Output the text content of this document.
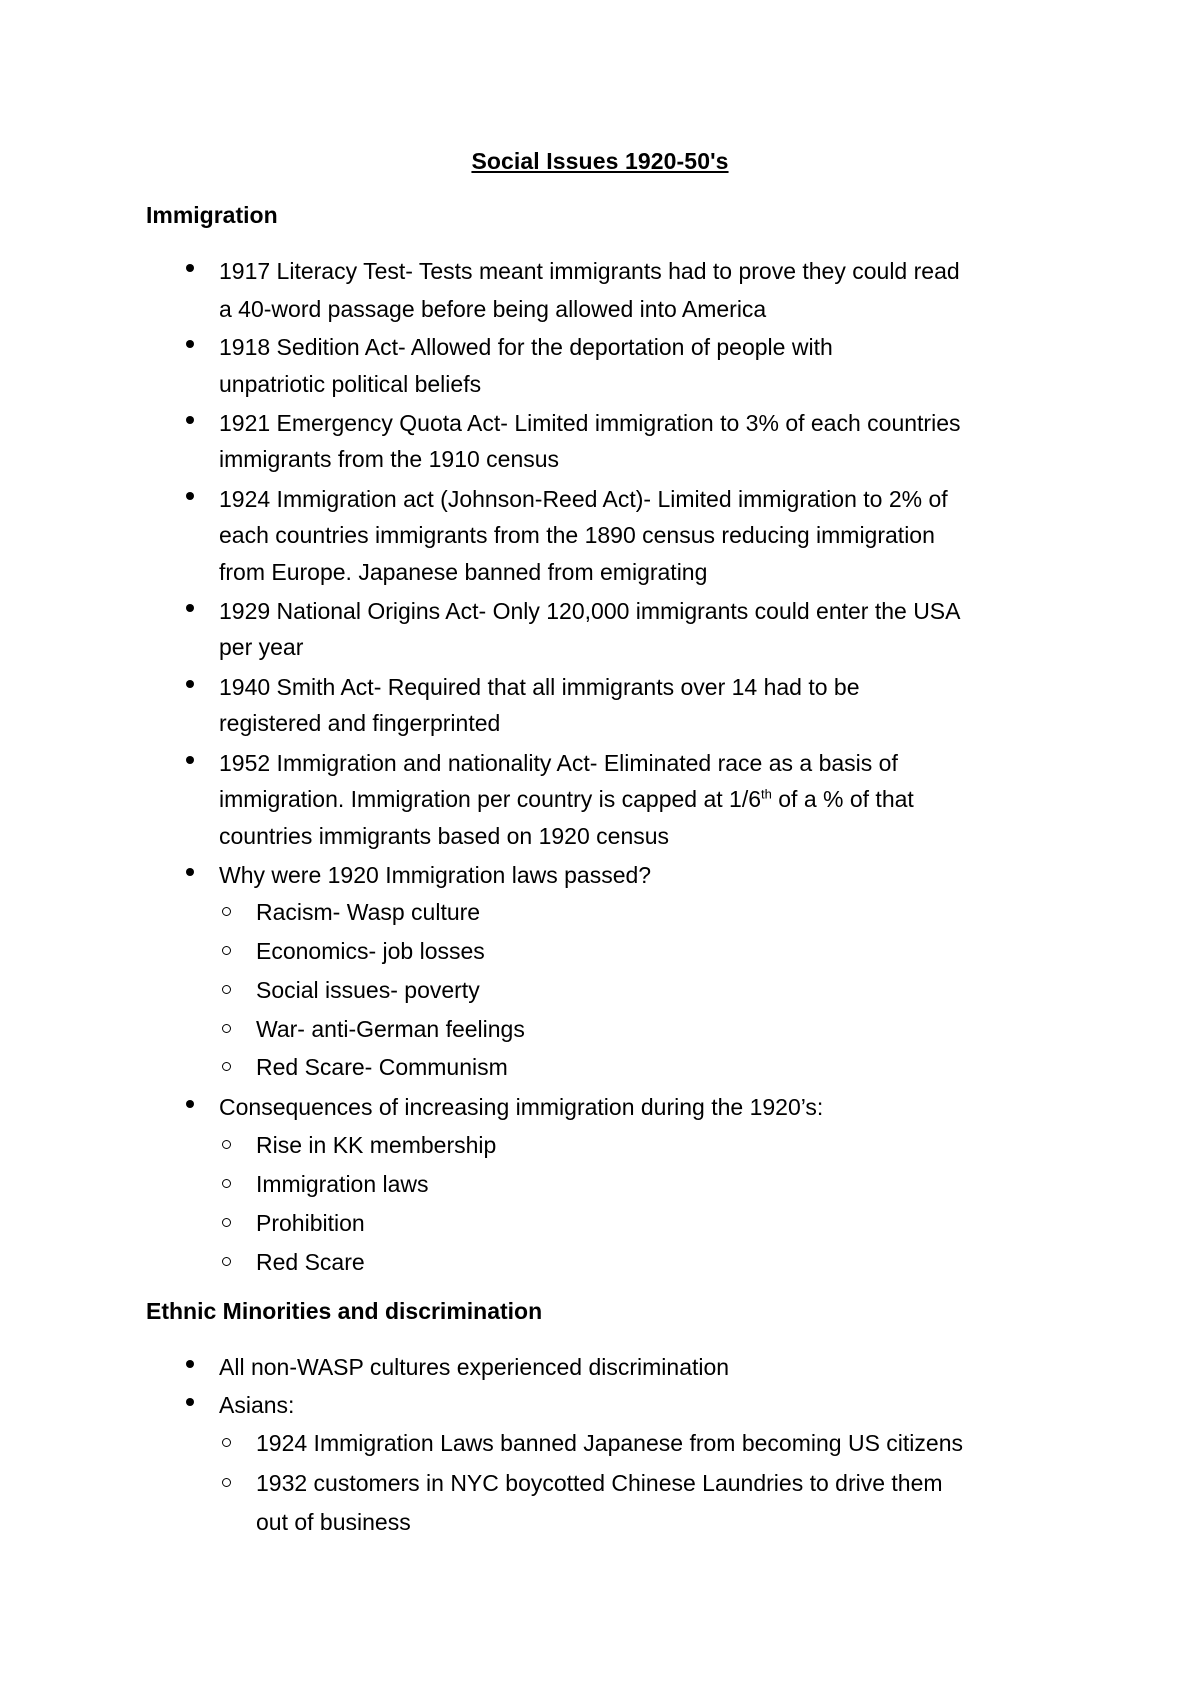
Social Issues 1920-50's
Immigration
1917 Literacy Test- Tests meant immigrants had to prove they could read
a 40-word passage before being allowed into America
1918 Sedition Act- Allowed for the deportation of people with
unpatriotic political beliefs
1921 Emergency Quota Act- Limited immigration to 3% of each countries
immigrants from the 1910 census
1924 Immigration act (Johnson-Reed Act)- Limited immigration to 2% of
each countries immigrants from the 1890 census reducing immigration
from Europe. Japanese banned from emigrating
1929 National Origins Act- Only 120,000 immigrants could enter the USA
per year
1940 Smith Act- Required that all immigrants over 14 had to be
registered and fingerprinted
1952 Immigration and nationality Act- Eliminated race as a basis of
immigration. Immigration per country is capped at 1/6th of a % of that
countries immigrants based on 1920 census
Why were 1920 Immigration laws passed?
Racism- Wasp culture
Economics- job losses
Social issues- poverty
War- anti-German feelings
Red Scare- Communism
Consequences of increasing immigration during the 1920’s:
Rise in KK membership
Immigration laws
Prohibition
Red Scare
Ethnic Minorities and discrimination
All non-WASP cultures experienced discrimination
Asians:
1924 Immigration Laws banned Japanese from becoming US citizens
1932 customers in NYC boycotted Chinese Laundries to drive them
out of business
